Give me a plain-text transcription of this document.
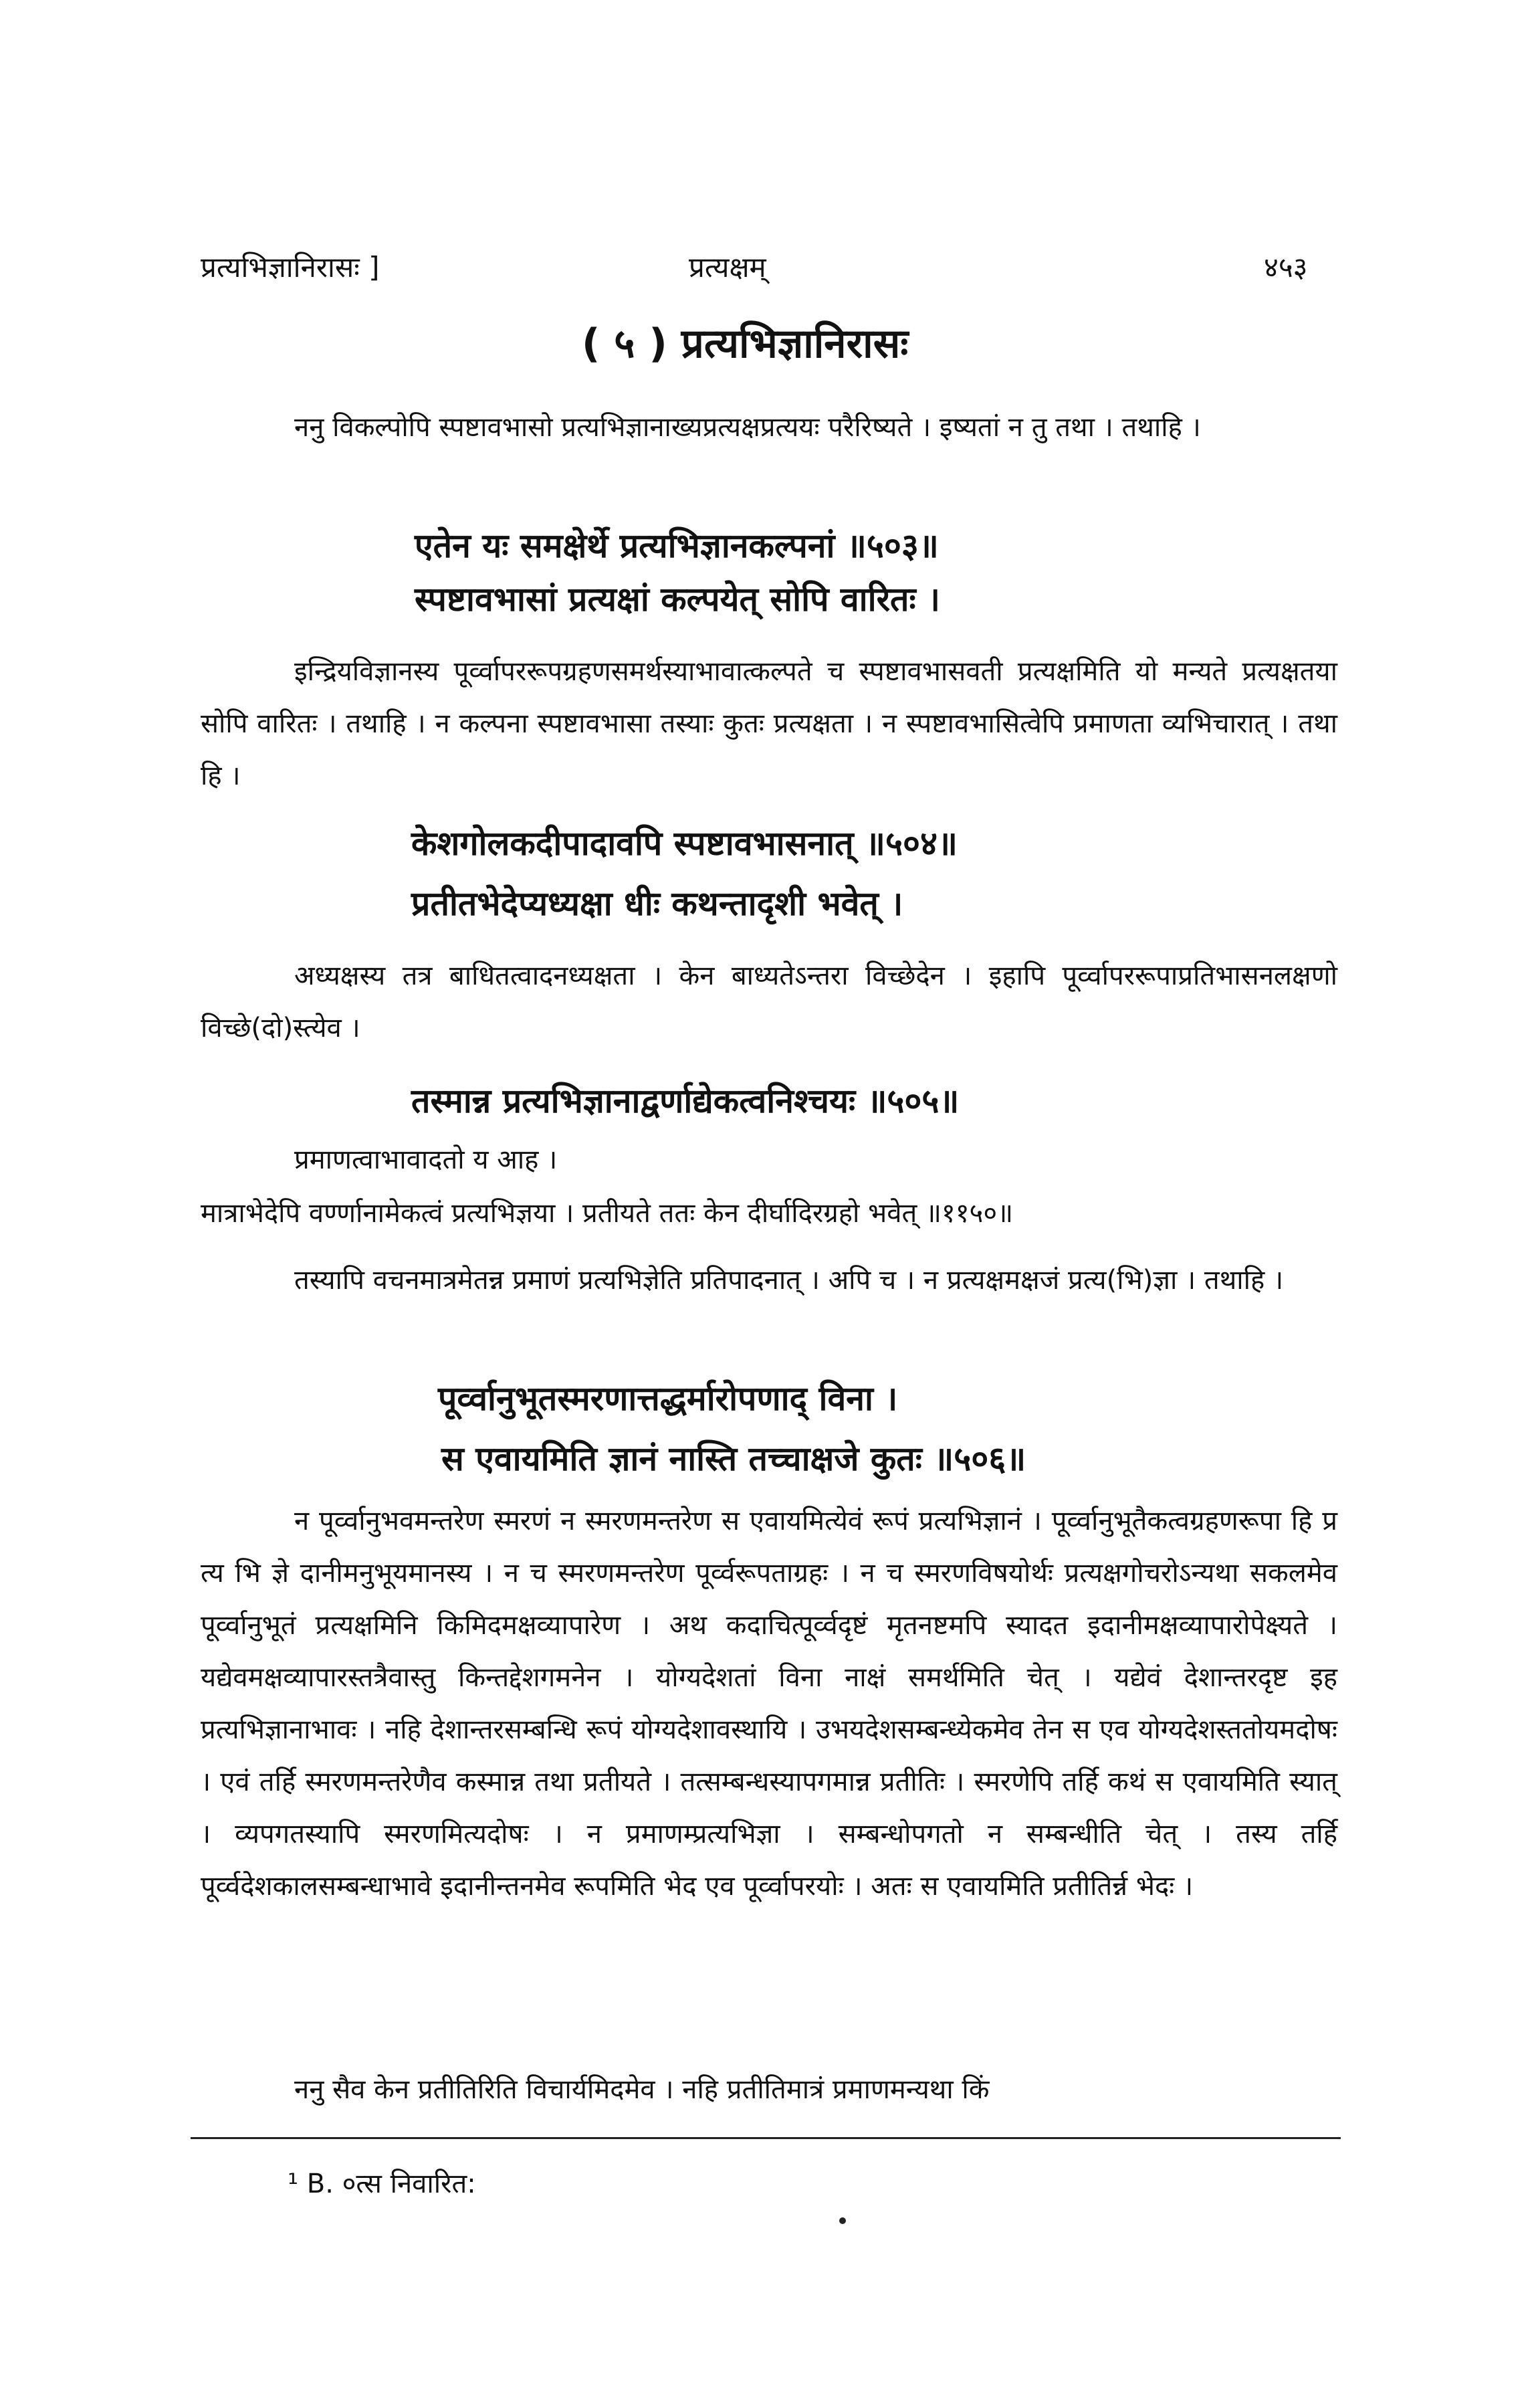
प्रत्यभिज्ञानिरासः ]	प्रत्यक्षम्	४५३
( ५ ) प्रत्यभिज्ञानिरासः
ननु विकल्पोपि स्पष्टावभासो प्रत्यभिज्ञानाख्यप्रत्यक्षप्रत्ययः परैरिष्यते । इष्यतां न तु तथा । तथाहि ।
एतेन यः समक्षेर्थे प्रत्यभिज्ञानकल्पनां ॥५०३॥
स्पष्टावभासां प्रत्यक्षां कल्पयेत् सोपि वारितः ।
इन्द्रियविज्ञानस्य पूर्व्वापररूपग्रहणसमर्थस्याभावात्कल्पते च स्पष्टावभासवती प्रत्यक्षमिति यो मन्यते प्रत्यक्षतया सोपि वारितः । तथाहि । न कल्पना स्पष्टावभासा तस्याः कुतः प्रत्यक्षता । न स्पष्टावभासित्वेपि प्रमाणता व्यभिचारात् । तथा हि ।
केशगोलकदीपादावपि स्पष्टावभासनात् ॥५०४॥
प्रतीतभेदेप्यध्यक्षा धीः कथन्तादृशी भवेत् ।
अध्यक्षस्य तत्र बाधितत्वादनध्यक्षता । केन बाध्यतेऽन्तरा विच्छेदेन । इहापि पूर्व्वापररूपाप्रतिभासनलक्षणो विच्छे(दो)स्त्येव ।
तस्मान्न प्रत्यभिज्ञानाद्वर्णाद्येकत्वनिश्चयः ॥५०५॥
प्रमाणत्वाभावादतो य आह ।
मात्राभेदेपि वर्ण्णानामेकत्वं प्रत्यभिज्ञया । प्रतीयते ततः केन दीर्घादिरग्रहो भवेत् ॥११५०॥
तस्यापि वचनमात्रमेतन्न प्रमाणं प्रत्यभिज्ञेति प्रतिपादनात् । अपि च । न प्रत्यक्षमक्षजं प्रत्य(भि)ज्ञा । तथाहि ।
पूर्व्वानुभूतस्मरणात्तद्धर्मारोपणाद् विना ।
स एवायमिति ज्ञानं नास्ति तच्चाक्षजे कुतः ॥५०६॥
न पूर्व्वानुभवमन्तरेण स्मरणं न स्मरणमन्तरेण स एवायमित्येवं रूपं प्रत्यभिज्ञानं । पूर्व्वानुभूतैकत्वग्रहणरूपा हि प्र त्य भि ज्ञे दानीमनुभूयमानस्य । न च स्मरणमन्तरेण पूर्व्वरूपताग्रहः । न च स्मरणविषयोर्थः प्रत्यक्षगोचरोऽन्यथा सकलमेव पूर्व्वानुभूतं प्रत्यक्षमिनि किमिदमक्षव्यापारेण । अथ कदाचित्पूर्व्वदृष्टं मृतनष्टमपि स्यादत इदानीमक्षव्यापारोपेक्ष्यते । यद्येवमक्षव्यापारस्तत्रैवास्तु किन्तद्देशगमनेन । योग्यदेशतां विना नाक्षं समर्थमिति चेत् । यद्येवं देशान्तरदृष्ट इह प्रत्यभिज्ञानाभावः । नहि देशान्तरसम्बन्धि रूपं योग्यदेशावस्थायि । उभयदेशसम्बन्ध्येकमेव तेन स एव योग्यदेशस्ततोयमदोषः । एवं तर्हि स्मरणमन्तरेणैव कस्मान्न तथा प्रतीयते । तत्सम्बन्धस्यापगमान्न प्रतीतिः । स्मरणेपि तर्हि कथं स एवायमिति स्यात् । व्यपगतस्यापि स्मरणमित्यदोषः । न प्रमाणम्प्रत्यभिज्ञा । सम्बन्धोपगतो न सम्बन्धीति चेत् । तस्य तर्हि पूर्व्वदेशकालसम्बन्धाभावे इदानीन्तनमेव रूपमिति भेद एव पूर्व्वापरयोः । अतः स एवायमिति प्रतीतिर्न्न भेदः ।
ननु सैव केन प्रतीतिरिति विचार्यमिदमेव । नहि प्रतीतिमात्रं प्रमाणमन्यथा किं
¹ B. ०त्स निवारित:
